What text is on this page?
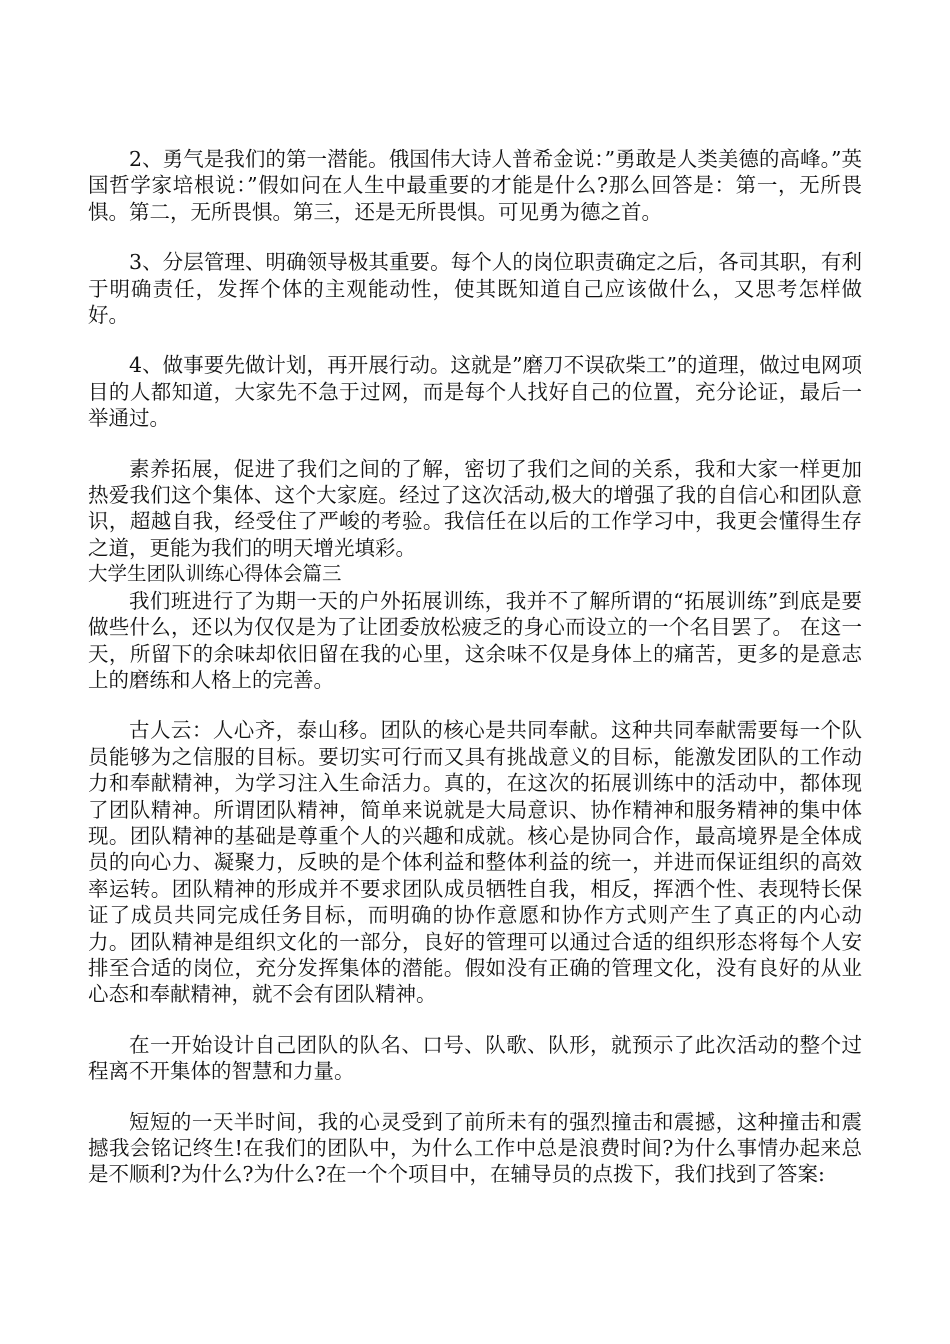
2、勇气是我们的第一潜能。俄国伟大诗人普希金说：”勇敢是人类美德的高峰。”英国哲学家培根说：”假如问在人生中最重要的才能是什么?那么回答是：第一，无所畏惧。第二，无所畏惧。第三，还是无所畏惧。可见勇为德之首。

3、分层管理、明确领导极其重要。每个人的岗位职责确定之后，各司其职，有利于明确责任，发挥个体的主观能动性，使其既知道自己应该做什么，又思考怎样做好。

4、做事要先做计划，再开展行动。这就是”磨刀不误砍柴工”的道理，做过电网项目的人都知道，大家先不急于过网，而是每个人找好自己的位置，充分论证，最后一举通过。

素养拓展，促进了我们之间的了解，密切了我们之间的关系，我和大家一样更加热爱我们这个集体、这个大家庭。经过了这次活动,极大的增强了我的自信心和团队意识，超越自我，经受住了严峻的考验。我信任在以后的工作学习中，我更会懂得生存之道，更能为我们的明天增光填彩。

大学生团队训练心得体会篇三

我们班进行了为期一天的户外拓展训练，我并不了解所谓的“拓展训练”到底是要做些什么，还以为仅仅是为了让团委放松疲乏的身心而设立的一个名目罢了。 在这一天，所留下的余味却依旧留在我的心里，这余味不仅是身体上的痛苦，更多的是意志上的磨练和人格上的完善。

古人云：人心齐，泰山移。团队的核心是共同奉献。这种共同奉献需要每一个队员能够为之信服的目标。要切实可行而又具有挑战意义的目标，能激发团队的工作动力和奉献精神，为学习注入生命活力。真的，在这次的拓展训练中的活动中，都体现了团队精神。所谓团队精神，简单来说就是大局意识、协作精神和服务精神的集中体现。团队精神的基础是尊重个人的兴趣和成就。核心是协同合作，最高境界是全体成员的向心力、凝聚力，反映的是个体利益和整体利益的统一，并进而保证组织的高效率运转。团队精神的形成并不要求团队成员牺牲自我，相反，挥洒个性、表现特长保证了成员共同完成任务目标，而明确的协作意愿和协作方式则产生了真正的内心动力。团队精神是组织文化的一部分，良好的管理可以通过合适的组织形态将每个人安排至合适的岗位，充分发挥集体的潜能。假如没有正确的管理文化，没有良好的从业心态和奉献精神，就不会有团队精神。

在一开始设计自己团队的队名、口号、队歌、队形，就预示了此次活动的整个过程离不开集体的智慧和力量。

短短的一天半时间，我的心灵受到了前所未有的强烈撞击和震撼，这种撞击和震撼我会铭记终生!在我们的团队中，为什么工作中总是浪费时间?为什么事情办起来总是不顺利?为什么?为什么?在一个个项目中，在辅导员的点拨下，我们找到了答案:
